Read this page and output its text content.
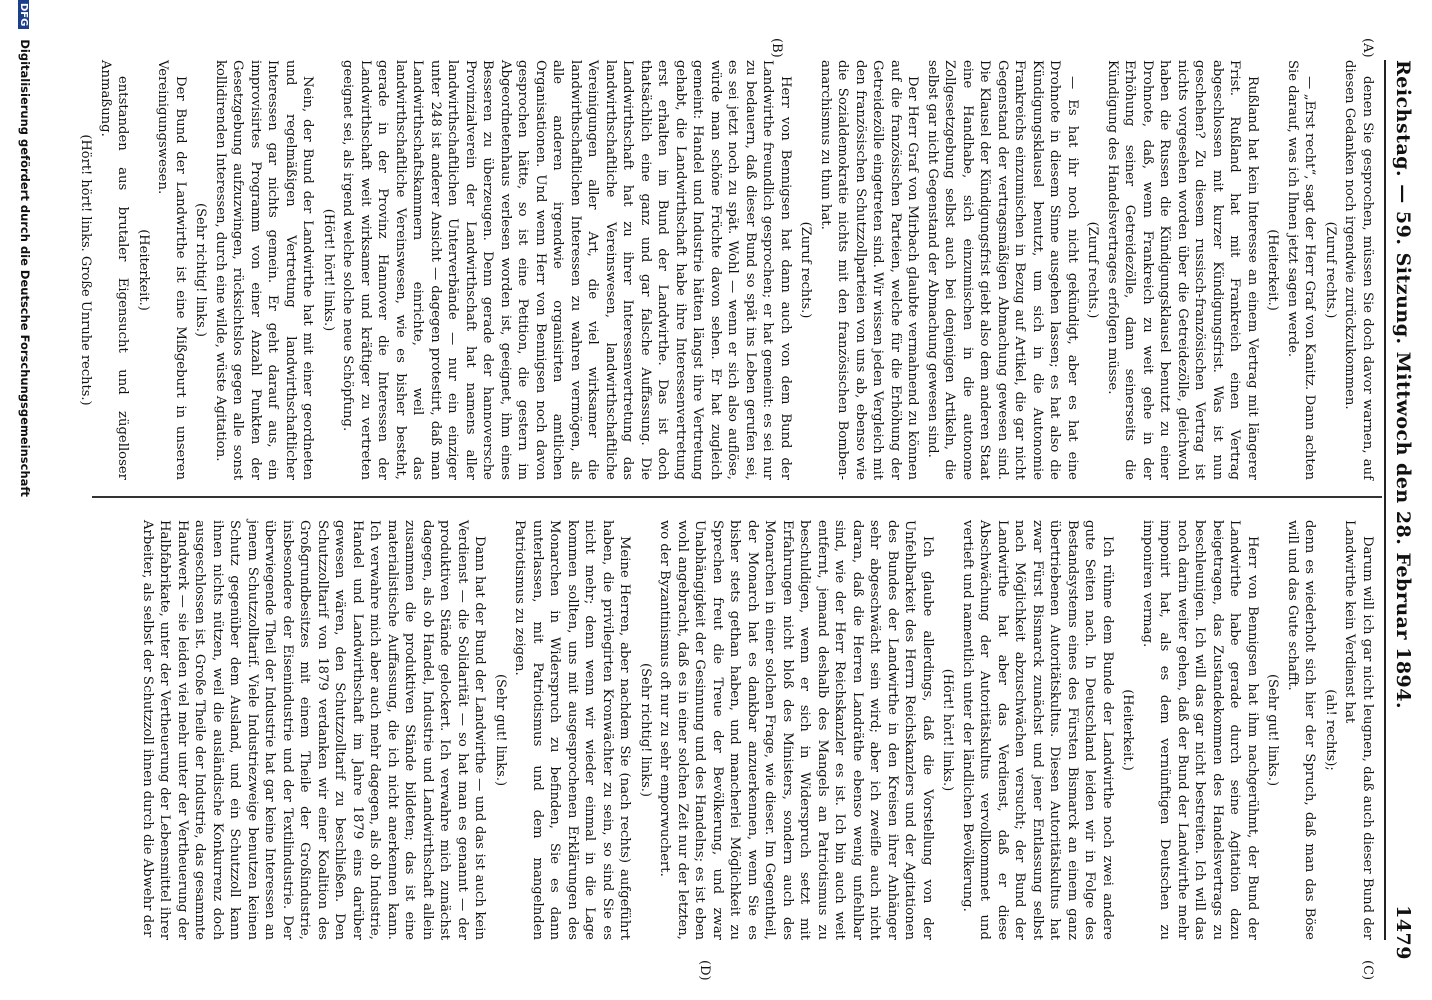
Reichstag. — 59. Sitzung. Mittwoch den 28. Februar 1894.
1479
(A)
(B)
(C)
(D)

denen Sie gesprochen, müssen Sie doch davor warnen, auf diesen Gedanken noch irgendwie zurückzukommen.

(Zuruf rechts.)

— „Erst recht“, sagt der Herr Graf von Kanitz. Dann achten Sie darauf, was ich Ihnen jetzt sagen werde.

(Heiterkeit.)

Rußland hat kein Interesse an einem Vertrag mit längerer Frist. Rußland hat mit Frankreich einen Vertrag abgeschlossen mit kurzer Kündigungsfrist. Was ist nun geschehen? Zu diesem russisch-französischen Vertrag ist nichts vorgesehen worden über die Getreidezölle, gleichwohl haben die Russen die Kündigungsklausel benutzt zu einer Drohnote, daß, wenn Frankreich zu weit gehe in der Erhöhung seiner Getreidezölle, dann seinerseits die Kündigung des Handelsvertrages erfolgen müsse.

(Zuruf rechts.)

— Es hat ihr noch nicht gekündigt, aber es hat eine Drohnote in diesem Sinne ausgehen lassen; es hat also die Kündigungsklausel benutzt, um sich in die Autonomie Frankreichs einzumischen in Bezug auf Artikel, die gar nicht Gegenstand der vertragsmäßigen Abmachung gewesen sind. Die Klausel der Kündigungsfrist giebt also dem anderen Staat eine Handhabe, sich einzumischen in die autonome Zollgesetzgebung selbst auch bei denjenigen Artikeln, die selbst gar nicht Gegenstand der Abmachung gewesen sind.

Der Herr Graf von Mirbach glaubte vermahnend zu können auf die französischen Parteien, welche für die Erhöhung der Getreidezölle eingetreten sind. Wir wissen jeden Vergleich mit den französischen Schutzzollparteien von uns ab, ebenso wie die Sozialdemokratie nichts mit den französischen Bomben-anarchismus zu thun hat.

(Zuruf rechts.)

Herr von Bennigsen hat dann auch von dem Bund der Landwirthe freundlich gesprochen; er hat gemeint: es sei nur zu bedauern, daß dieser Bund so spät ins Leben gerufen sei, es sei jetzt noch zu spät. Wohl — wenn er sich also auflöse, würde man schöne Früchte davon sehen. Er hat zugleich gemeint: Handel und Industrie hätten längst ihre Vertretung gehabt, die Landwirthschaft habe ihre Interessenvertretung erst erhalten im Bund der Landwirthe. Das ist doch thatsächlich eine ganz und gar falsche Auffassung. Die Landwirthschaft hat zu ihrer Interessenvertretung das landwirthschaftliche Vereinswesen, landwirthschaftliche Vereinigungen aller Art, die viel wirksamer die landwirthschaftlichen Interessen zu wahren vermögen, als alle anderen irgendwie organisirten amtlichen Organisationen. Und wenn Herr von Bennigsen noch davon gesprochen hätte, so ist eine Petition, die gestern im Abgeordnetenhaus verlesen worden ist, geeignet, ihm eines Besseren zu überzeugen. Denn gerade der hannoversche Provinzialverein der Landwirthschaft hat namens aller landwirthschaftlichen Unterverbände — nur ein einziger unter 248 ist anderer Ansicht — dagegen protestirt, daß man Landwirthschaftskammern einrichte, weil das landwirthschaftliche Vereinswesen, wie es bisher besteht, gerade in der Provinz Hannover die Interessen der Landwirthschaft weit wirksamer und kräftiger zu vertreten geeignet sei, als irgend welche solche neue Schöpfung.

(Hört! hört! links.)

Nein, der Bund der Landwirthe hat mit einer geordneten und regelmäßigen Vertretung landwirthschaftlicher Interessen gar nichts gemein. Er geht darauf aus, ein improvisirtes Programm von einer Anzahl Punkten der Gesetzgebung aufzuzwingen, rücksichtslos gegen alle sonst kollidirenden Interessen, durch eine wilde, wüste Agitation.

(Sehr richtig! links.)

Der Bund der Landwirthe ist eine Mißgeburt in unseren Vereinigungswesen.

(Heiterkeit.)

entstanden aus brutaler Eigensucht und zügelloser Anmaßung.

(Hört! hört! links. Große Unruhe rechts.)

Darum will ich gar nicht leugnen, daß auch dieser Bund der Landwirthe kein Verdienst hat

(ah! rechts);

denn es wiederholt sich hier der Spruch, daß man das Böse will und das Gute schafft.

(Sehr gut! links.)

Herr von Bennigsen hat ihm nachgerühmt, der Bund der Landwirthe habe gerade durch seine Agitation dazu beigetragen, das Zustandekommen des Handelsvertrags zu beschleunigen. Ich will das gar nicht bestreiten. Ich will das noch darin weiter gehen, daß der Bund der Landwirthe mehr imponirt hat, als es dem vernünftigen Deutschen zu imponiren vermag.

(Heiterkeit.)

Ich rühme dem Bunde der Landwirthe noch zwei andere gute Seiten nach. In Deutschland leiden wir in Folge des Bestandsystems eines des Fürsten Bismarck an einem ganz übertriebenen Autoritätskultus. Diesen Autoritätskultus hat zwar Fürst Bismarck zunächst und jener Entlassung selbst nach Möglichkeit abzuschwächen versucht; der Bund der Landwirthe hat aber das Verdienst, daß er diese Abschwächung der Autoritätskultus vervollkommnet und vertieft und namentlich unter der ländlichen Bevölkerung.

(Hört! hört! links.)

Ich glaube allerdings, daß die Vorstellung von der Unfehlbarkeit des Herrn Reichskanzlers und der Agitationen des Bundes der Landwirthe in den Kreisen ihrer Anhänger sehr abgeschwächt sein wird; aber ich zweifle auch nicht daran, daß die Herren Landräthe ebenso wenig unfehlbar sind, wie der Herr Reichskanzler es ist. Ich bin auch weit entfernt, jemand deshalb des Mangels an Patriotismus zu beschuldigen, wenn er sich in Widerspruch setzt mit Erfahrungen nicht bloß des Ministers, sondern auch des Monarchen in einer solchen Frage, wie dieser. Im Gegentheil, der Monarch hat es dankbar anzuerkennen, wenn Sie es bisher stets gethan haben, und mancherlei Möglichkeit zu Sprechen freut die Treue der Bevölkerung, und zwar Unabhängigkeit der Gesinnung und des Handelns; es ist eben wohl angebracht, daß es in einer solchen Zeit nur der letzten, wo der Byzantinismus oft nur zu sehr emporwuchert.

(Sehr richtig! links.)

Meine Herren, aber nachdem Sie (nach rechts) aufgeführt haben, die privilegirten Kronwächter zu sein, so sind Sie es nicht mehr; denn wenn wir wieder einmal in die Lage kommen sollten, uns mit ausgesprochenen Erklärungen des Monarchen in Widerspruch zu befinden, Sie es dann unterlassen, mit Patriotismus und dem mangelnden Patriotismus zu zeigen.

(Sehr gut! links.)

Dann hat der Bund der Landwirthe — und das ist auch kein Verdienst — die Solidarität — so hat man es genannt — der produktiven Stände gelockert. Ich verwahre mich zunächst dagegen, als ob Handel, Industrie und Landwirthschaft allein zusammen die produktiven Stände bildeten; das ist eine materialistische Auffassung, die ich nicht anerkennen kann. Ich verwahre mich aber auch mehr dagegen, als ob Industrie, Handel und Landwirthschaft im Jahre 1879 eins darüber gewesen wären, den Schutzzolltarif zu beschließen. Den Schutzzolltarif von 1879 verdanken wir einer Koalition des Großgrundbesitzes mit einem Theile der Großindustrie, insbesondere der Eisenindustrie und der Textilindustrie. Der überwiegende Theil der Industrie hat gar keine Interessen an jenem Schutzzolltarif. Viele Industriezweige benutzen keinen Schutz gegenüber dem Ausland, und ein Schutzzoll kann ihnen nichts nützen, weil die ausländische Konkurrenz doch ausgeschlossen ist. Große Theile der Industrie, das gesammte Handwerk — sie leiden viel mehr unter der Vertheuerung der Halbfabrikate, unter der Vertheuerung der Lebensmittel ihrer Arbeiter, als selbst der Schutzzoll ihnen durch die Abwehr der

DFG Digitalisierung gefördert durch die Deutsche Forschungsgemeinschaft
